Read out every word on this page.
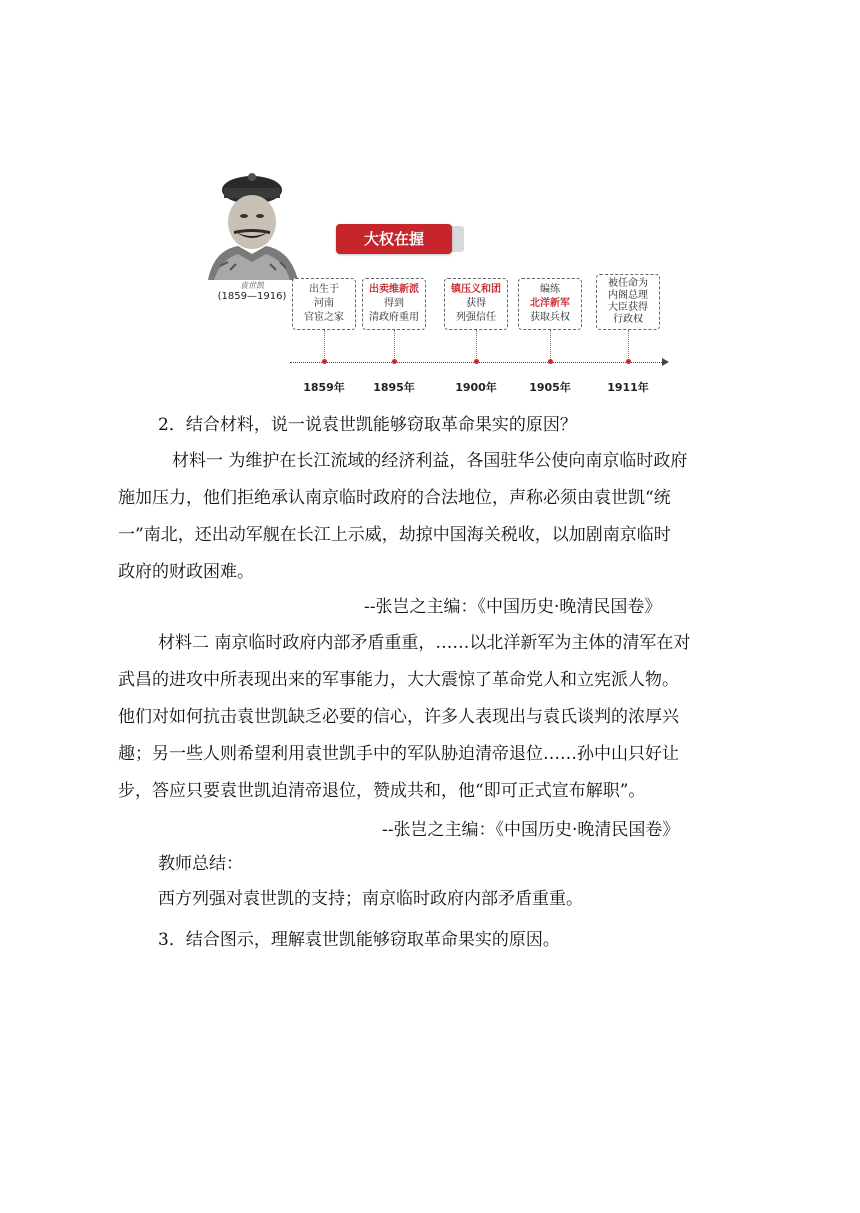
袁世凯
(1859—1916)
大权在握
出生于
河南
官宦之家
出卖维新派
得到
清政府重用
镇压义和团
获得
列强信任
编练
北洋新军
获取兵权
被任命为
内阁总理
大臣获得
行政权
1859年	1895年	1900年	1905年	1911年

2．结合材料，说一说袁世凯能够窃取革命果实的原因？

材料一 为维护在长江流域的经济利益，各国驻华公使向南京临时政府

施加压力，他们拒绝承认南京临时政府的合法地位，声称必须由袁世凯“统

一”南北，还出动军舰在长江上示威，劫掠中国海关税收，以加剧南京临时

政府的财政困难。

--张岂之主编：《中国历史·晚清民国卷》

材料二 南京临时政府内部矛盾重重，……以北洋新军为主体的清军在对

武昌的进攻中所表现出来的军事能力，大大震惊了革命党人和立宪派人物。

他们对如何抗击袁世凯缺乏必要的信心，许多人表现出与袁氏谈判的浓厚兴

趣；另一些人则希望利用袁世凯手中的军队胁迫清帝退位……孙中山只好让

步，答应只要袁世凯迫清帝退位，赞成共和，他“即可正式宣布解职”。

--张岂之主编：《中国历史·晚清民国卷》

教师总结：

西方列强对袁世凯的支持；南京临时政府内部矛盾重重。

3．结合图示，理解袁世凯能够窃取革命果实的原因。
